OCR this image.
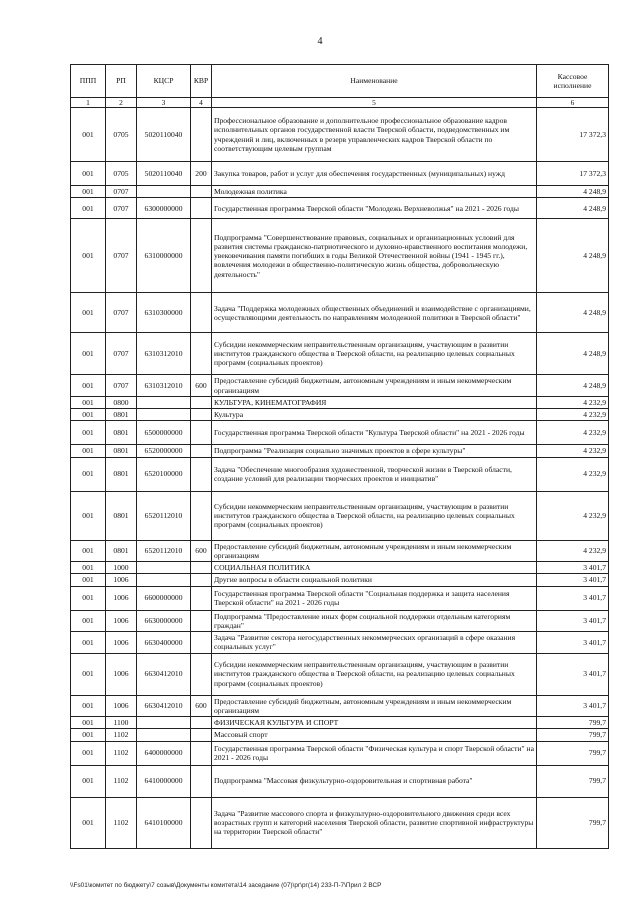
4
ППП	РП	КЦСР	КВР	Наименование	Кассовое исполнение
1	2	3	4	5	6
001	0705	5020110040		Профессиональное образование и дополнительное профессиональное образование кадров исполнительных органов государственной власти Тверской области, подведомственных им учреждений и лиц, включенных в резерв управленческих кадров Тверской области по соответствующим целевым группам	17 372,3
001	0705	5020110040	200	Закупка товаров, работ и услуг для обеспечения государственных (муниципальных) нужд	17 372,3
001	0707			Молодежная политика	4 248,9
001	0707	6300000000		Государственная программа Тверской области "Молодежь Верхневолжья" на 2021 - 2026 годы	4 248,9
001	0707	6310000000		Подпрограмма "Совершенствование правовых, социальных и организационных условий для развития системы гражданско-патриотического и духовно-нравственного воспитания молодежи, увековечивания памяти погибших в годы Великой Отечественной войны (1941 - 1945 гг.), вовлечения молодежи в общественно-политическую жизнь общества, добровольческую деятельность"	4 248,9
001	0707	6310300000		Задача "Поддержка молодежных общественных объединений и взаимодействие с организациями, осуществляющими деятельность по направлениям молодежной политики в Тверской области"	4 248,9
001	0707	6310312010		Субсидии некоммерческим неправительственным организациям, участвующим в развитии институтов гражданского общества в Тверской области, на реализацию целевых социальных программ (социальных проектов)	4 248,9
001	0707	6310312010	600	Предоставление субсидий бюджетным, автономным учреждениям и иным некоммерческим организациям	4 248,9
001	0800			КУЛЬТУРА, КИНЕМАТОГРАФИЯ	4 232,9
001	0801			Культура	4 232,9
001	0801	6500000000		Государственная программа Тверской области "Культура Тверской области" на 2021 - 2026 годы	4 232,9
001	0801	6520000000		Подпрограмма "Реализация социально значимых проектов в сфере культуры"	4 232,9
001	0801	6520100000		Задача "Обеспечение многообразия художественной, творческой жизни в Тверской области, создание условий для реализации творческих проектов и инициатив"	4 232,9
001	0801	6520112010		Субсидии некоммерческим неправительственным организациям, участвующим в развитии институтов гражданского общества в Тверской области, на реализацию целевых социальных программ (социальных проектов)	4 232,9
001	0801	6520112010	600	Предоставление субсидий бюджетным, автономным учреждениям и иным некоммерческим организациям	4 232,9
001	1000			СОЦИАЛЬНАЯ ПОЛИТИКА	3 401,7
001	1006			Другие вопросы в области социальной политики	3 401,7
001	1006	6600000000		Государственная программа Тверской области "Социальная поддержка и защита населения Тверской области" на 2021 - 2026 годы	3 401,7
001	1006	6630000000		Подпрограмма "Предоставление иных форм социальной поддержки отдельным категориям граждан"	3 401,7
001	1006	6630400000		Задача "Развитие сектора негосударственных некоммерческих организаций в сфере оказания социальных услуг"	3 401,7
001	1006	6630412010		Субсидии некоммерческим неправительственным организациям, участвующим в развитии институтов гражданского общества в Тверской области, на реализацию целевых социальных программ (социальных проектов)	3 401,7
001	1006	6630412010	600	Предоставление субсидий бюджетным, автономным учреждениям и иным некоммерческим организациям	3 401,7
001	1100			ФИЗИЧЕСКАЯ КУЛЬТУРА И СПОРТ	799,7
001	1102			Массовый спорт	799,7
001	1102	6400000000		Государственная программа Тверской области "Физическая культура и спорт Тверской области" на 2021 - 2026 годы	799,7
001	1102	6410000000		Подпрограмма "Массовая физкультурно-оздоровительная и спортивная работа"	799,7
001	1102	6410100000		Задача "Развитие массового спорта и физкультурно-оздоровительного движения среди всех возрастных групп и категорий населения Тверской области, развитие спортивной инфраструктуры на территории Тверской области"	799,7
\\Fs01\комитет по бюджету\7 созыв\Документы комитета\14 заседание (07)\рг\рг(14) 233-П-7\Прил 2 ВСР
